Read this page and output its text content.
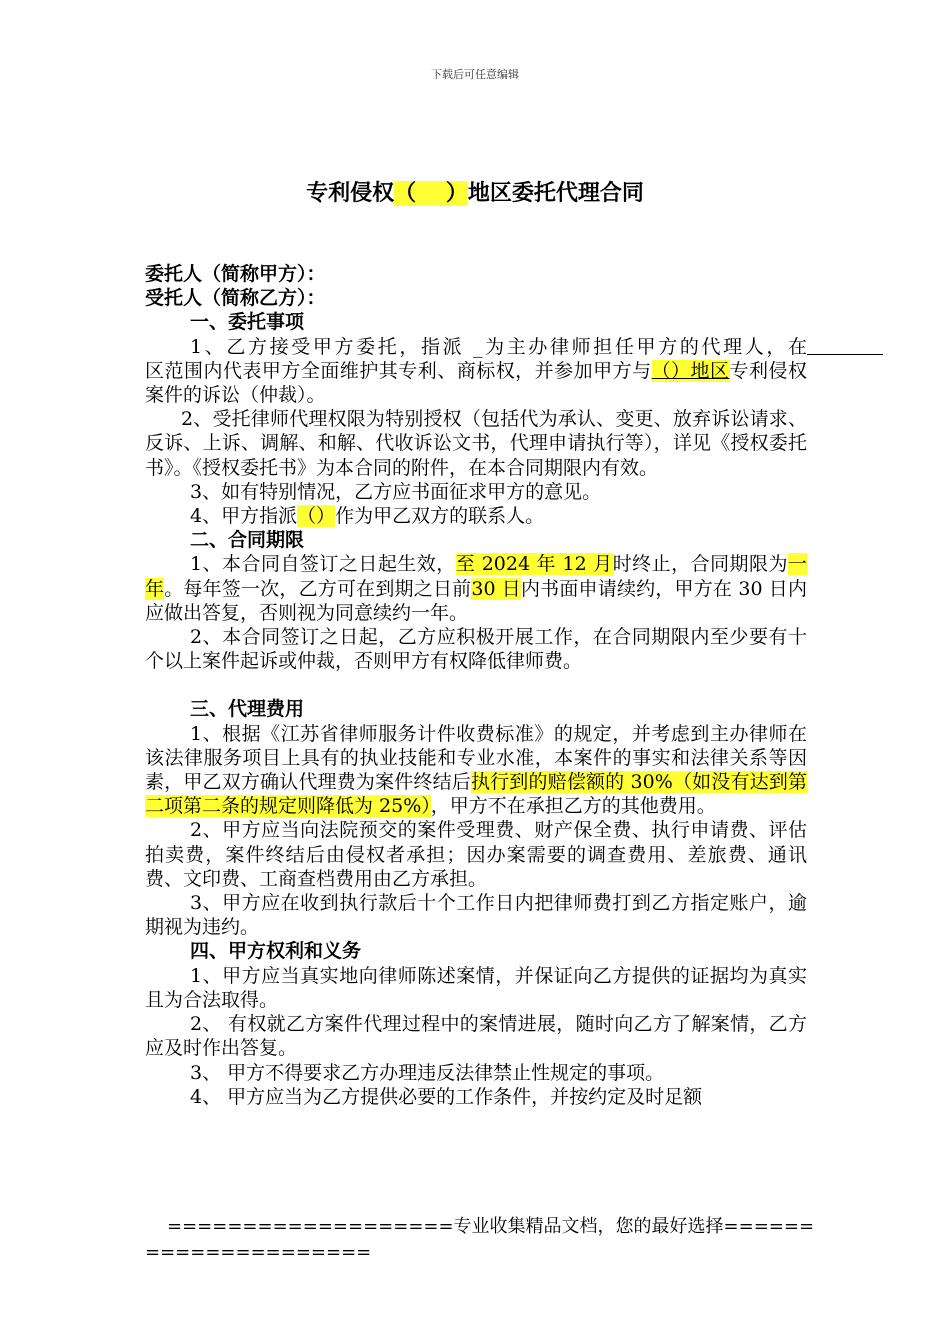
下载后可任意编辑
专利侵权（　 ）地区委托代理合同

委托人（简称甲方）：

受托人（简称乙方）：

一、委托事项

1、乙方接受甲方委托，指派 _为主办律师担任甲方的代理人，在　　　　区范围内代表甲方全面维护其专利、商标权，并参加甲方与（）地区专利侵权案件的诉讼（仲裁）。

2、受托律师代理权限为特别授权（包括代为承认、变更、放弃诉讼请求、反诉、上诉、调解、和解、代收诉讼文书，代理申请执行等），详见《授权委托书》。《授权委托书》为本合同的附件，在本合同期限内有效。

3、如有特别情况，乙方应书面征求甲方的意见。

4、甲方指派（）作为甲乙双方的联系人。

二、合同期限

1、本合同自签订之日起生效，至 2024 年 12 月时终止，合同期限为一年。每年签一次，乙方可在到期之日前30 日内书面申请续约，甲方在 30 日内应做出答复，否则视为同意续约一年。

2、本合同签订之日起，乙方应积极开展工作，在合同期限内至少要有十个以上案件起诉或仲裁，否则甲方有权降低律师费。

三、代理费用

1、根据《江苏省律师服务计件收费标准》的规定，并考虑到主办律师在该法律服务项目上具有的执业技能和专业水准，本案件的事实和法律关系等因素，甲乙双方确认代理费为案件终结后执行到的赔偿额的 30%（如没有达到第二项第二条的规定则降低为 25%），甲方不在承担乙方的其他费用。

2、甲方应当向法院预交的案件受理费、财产保全费、执行申请费、评估拍卖费，案件终结后由侵权者承担；因办案需要的调查费用、差旅费、通讯费、文印费、工商查档费用由乙方承担。

3、甲方应在收到执行款后十个工作日内把律师费打到乙方指定账户，逾期视为违约。

四、甲方权利和义务

1、甲方应当真实地向律师陈述案情，并保证向乙方提供的证据均为真实且为合法取得。

2、 有权就乙方案件代理过程中的案情进展，随时向乙方了解案情，乙方应及时作出答复。

3、 甲方不得要求乙方办理违反法律禁止性规定的事项。

4、 甲方应当为乙方提供必要的工作条件，并按约定及时足额

===================专业收集精品文档，您的最好选择=====================
